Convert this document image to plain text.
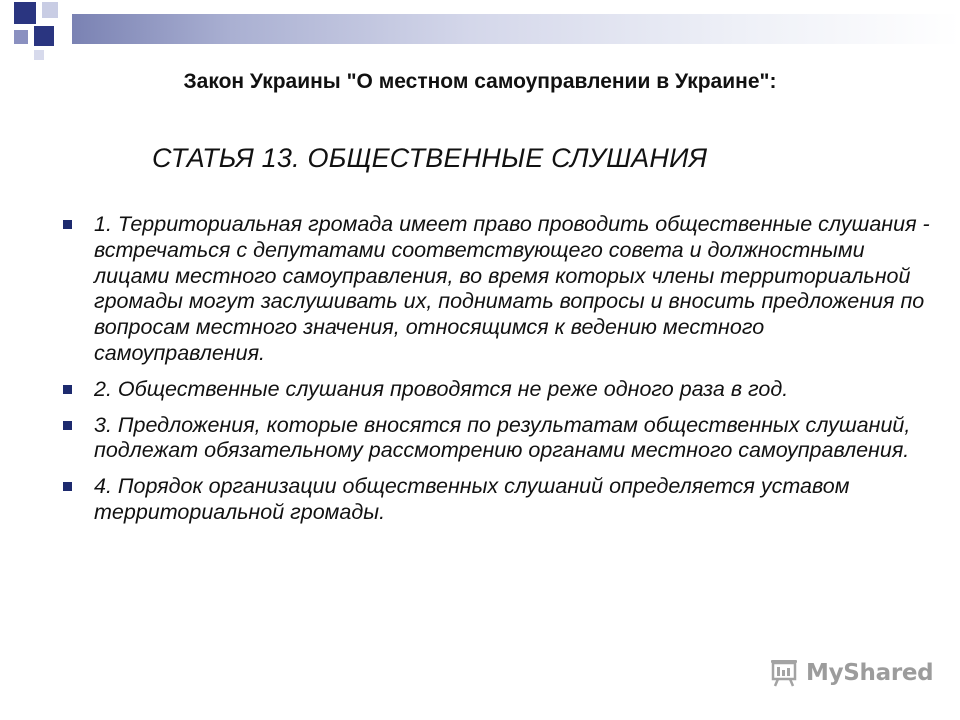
Закон Украины "О местном самоуправлении в Украине":
СТАТЬЯ 13. ОБЩЕСТВЕННЫЕ СЛУШАНИЯ
1. Территориальная громада имеет право проводить общественные слушания - встречаться с депутатами соответствующего совета и должностными лицами местного самоуправления, во время которых члены территориальной громады могут заслушивать их, поднимать вопросы и вносить предложения по вопросам местного значения, относящимся к ведению местного самоуправления.
2. Общественные слушания проводятся не реже одного раза в год.
3. Предложения, которые вносятся по результатам общественных слушаний, подлежат обязательному рассмотрению органами местного самоуправления.
4. Порядок организации общественных слушаний определяется уставом территориальной громады.
MyShared
